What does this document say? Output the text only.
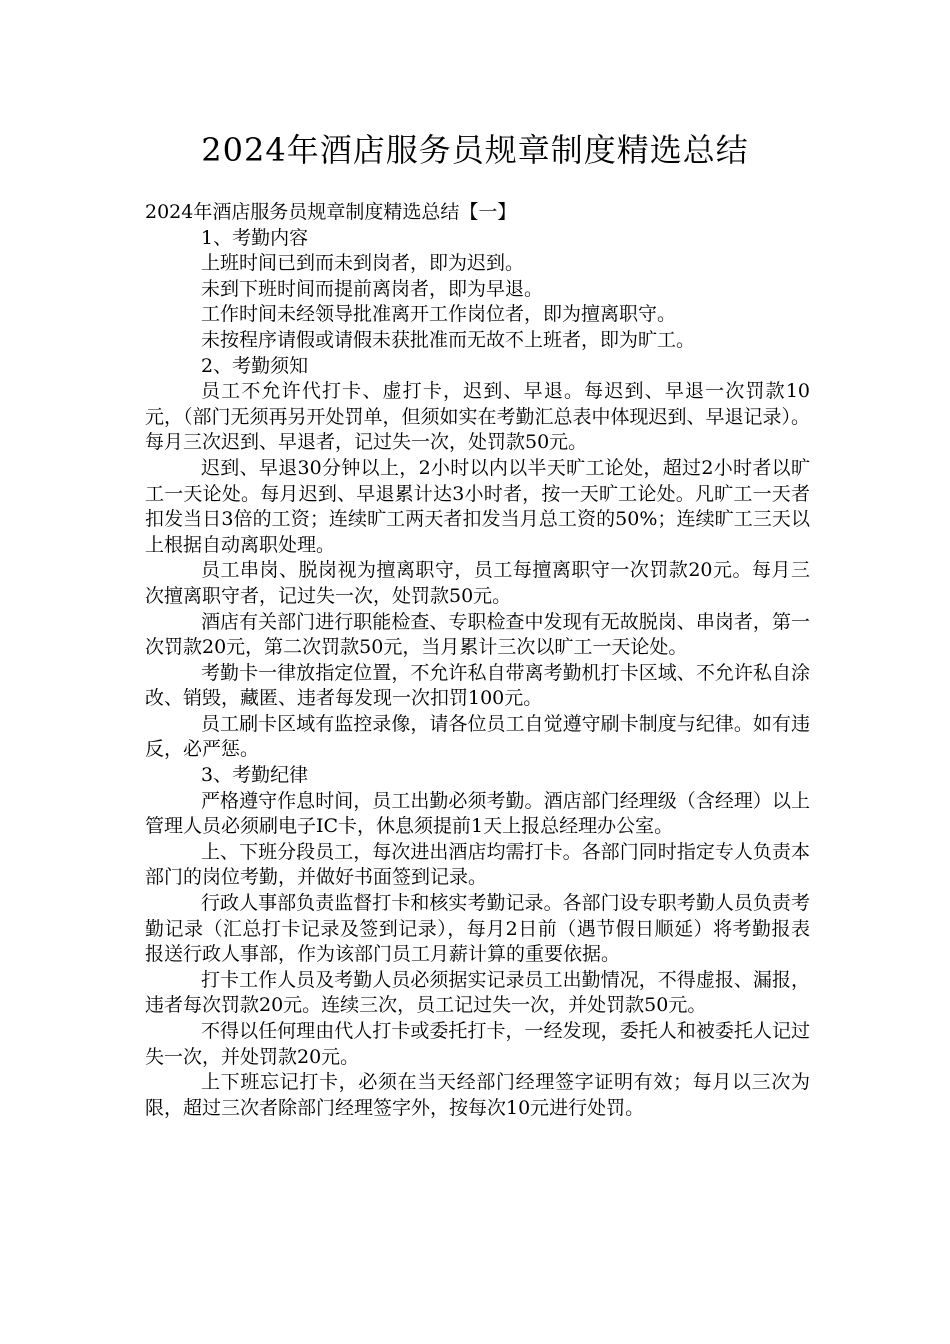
2024年酒店服务员规章制度精选总结

2024年酒店服务员规章制度精选总结【一】

1、考勤内容

上班时间已到而未到岗者，即为迟到。

未到下班时间而提前离岗者，即为早退。

工作时间未经领导批准离开工作岗位者，即为擅离职守。

未按程序请假或请假未获批准而无故不上班者，即为旷工。

2、考勤须知

员工不允许代打卡、虚打卡，迟到、早退。每迟到、早退一次罚款10元，（部门无须再另开处罚单，但须如实在考勤汇总表中体现迟到、早退记录）。每月三次迟到、早退者，记过失一次，处罚款50元。

迟到、早退30分钟以上，2小时以内以半天旷工论处，超过2小时者以旷工一天论处。每月迟到、早退累计达3小时者，按一天旷工论处。凡旷工一天者扣发当日3倍的工资；连续旷工两天者扣发当月总工资的50%；连续旷工三天以上根据自动离职处理。

员工串岗、脱岗视为擅离职守，员工每擅离职守一次罚款20元。每月三次擅离职守者，记过失一次，处罚款50元。

酒店有关部门进行职能检查、专职检查中发现有无故脱岗、串岗者，第一次罚款20元，第二次罚款50元，当月累计三次以旷工一天论处。

考勤卡一律放指定位置，不允许私自带离考勤机打卡区域、不允许私自涂改、销毁，藏匿、违者每发现一次扣罚100元。

员工刷卡区域有监控录像，请各位员工自觉遵守刷卡制度与纪律。如有违反，必严惩。

3、考勤纪律

严格遵守作息时间，员工出勤必须考勤。酒店部门经理级（含经理）以上管理人员必须刷电子IC卡，休息须提前1天上报总经理办公室。

上、下班分段员工，每次进出酒店均需打卡。各部门同时指定专人负责本部门的岗位考勤，并做好书面签到记录。

行政人事部负责监督打卡和核实考勤记录。各部门设专职考勤人员负责考勤记录（汇总打卡记录及签到记录），每月2日前（遇节假日顺延）将考勤报表报送行政人事部，作为该部门员工月薪计算的重要依据。

打卡工作人员及考勤人员必须据实记录员工出勤情况，不得虚报、漏报，违者每次罚款20元。连续三次，员工记过失一次，并处罚款50元。

不得以任何理由代人打卡或委托打卡，一经发现，委托人和被委托人记过失一次，并处罚款20元。

上下班忘记打卡，必须在当天经部门经理签字证明有效；每月以三次为限，超过三次者除部门经理签字外，按每次10元进行处罚。
